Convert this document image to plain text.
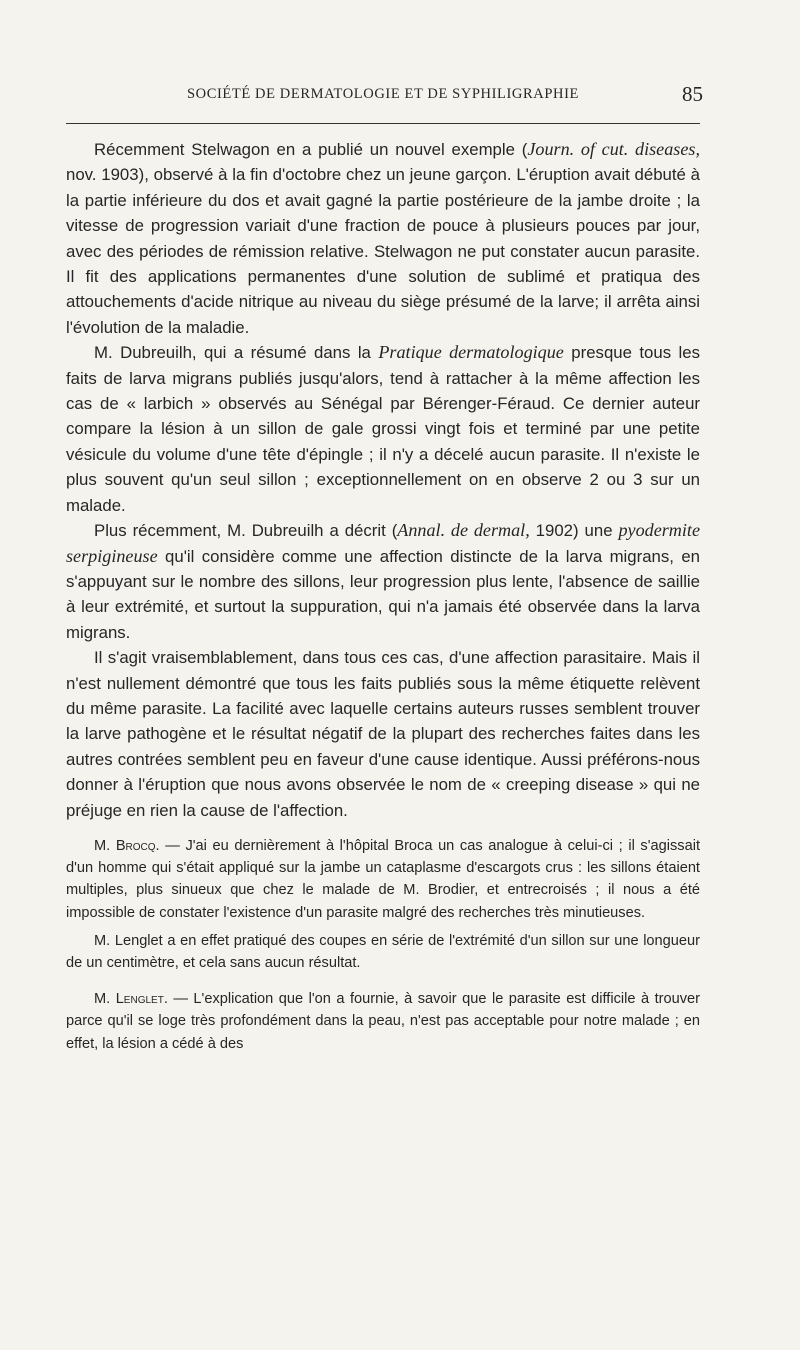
SOCIÉTÉ DE DERMATOLOGIE ET DE SYPHILIGRAPHIE	85

Récemment Stelwagon en a publié un nouvel exemple (Journ. of cut. diseases, nov. 1903), observé à la fin d'octobre chez un jeune garçon. L'éruption avait débuté à la partie inférieure du dos et avait gagné la partie postérieure de la jambe droite ; la vitesse de progression variait d'une fraction de pouce à plusieurs pouces par jour, avec des périodes de rémission relative. Stelwagon ne put constater aucun parasite. Il fit des applications permanentes d'une solution de sublimé et pratiqua des attouchements d'acide nitrique au niveau du siège présumé de la larve; il arrêta ainsi l'évolution de la maladie.

M. Dubreuilh, qui a résumé dans la Pratique dermatologique presque tous les faits de larva migrans publiés jusqu'alors, tend à rattacher à la même affection les cas de « larbich » observés au Sénégal par Bérenger-Féraud. Ce dernier auteur compare la lésion à un sillon de gale grossi vingt fois et terminé par une petite vésicule du volume d'une tête d'épingle ; il n'y a décelé aucun parasite. Il n'existe le plus souvent qu'un seul sillon ; exceptionnellement on en observe 2 ou 3 sur un malade.

Plus récemment, M. Dubreuilh a décrit (Annal. de dermal, 1902) une pyodermite serpigineuse qu'il considère comme une affection distincte de la larva migrans, en s'appuyant sur le nombre des sillons, leur progression plus lente, l'absence de saillie à leur extrémité, et surtout la suppuration, qui n'a jamais été observée dans la larva migrans.

Il s'agit vraisemblablement, dans tous ces cas, d'une affection parasitaire. Mais il n'est nullement démontré que tous les faits publiés sous la même étiquette relèvent du même parasite. La facilité avec laquelle certains auteurs russes semblent trouver la larve pathogène et le résultat négatif de la plupart des recherches faites dans les autres contrées semblent peu en faveur d'une cause identique. Aussi préférons-nous donner à l'éruption que nous avons observée le nom de « creeping disease » qui ne préjuge en rien la cause de l'affection.

M. Brocq. — J'ai eu dernièrement à l'hôpital Broca un cas analogue à celui-ci ; il s'agissait d'un homme qui s'était appliqué sur la jambe un cataplasme d'escargots crus : les sillons étaient multiples, plus sinueux que chez le malade de M. Brodier, et entrecroisés ; il nous a été impossible de constater l'existence d'un parasite malgré des recherches très minutieuses.

M. Lenglet a en effet pratiqué des coupes en série de l'extrémité d'un sillon sur une longueur de un centimètre, et cela sans aucun résultat.

M. Lenglet. — L'explication que l'on a fournie, à savoir que le parasite est difficile à trouver parce qu'il se loge très profondément dans la peau, n'est pas acceptable pour notre malade ; en effet, la lésion a cédé à des
